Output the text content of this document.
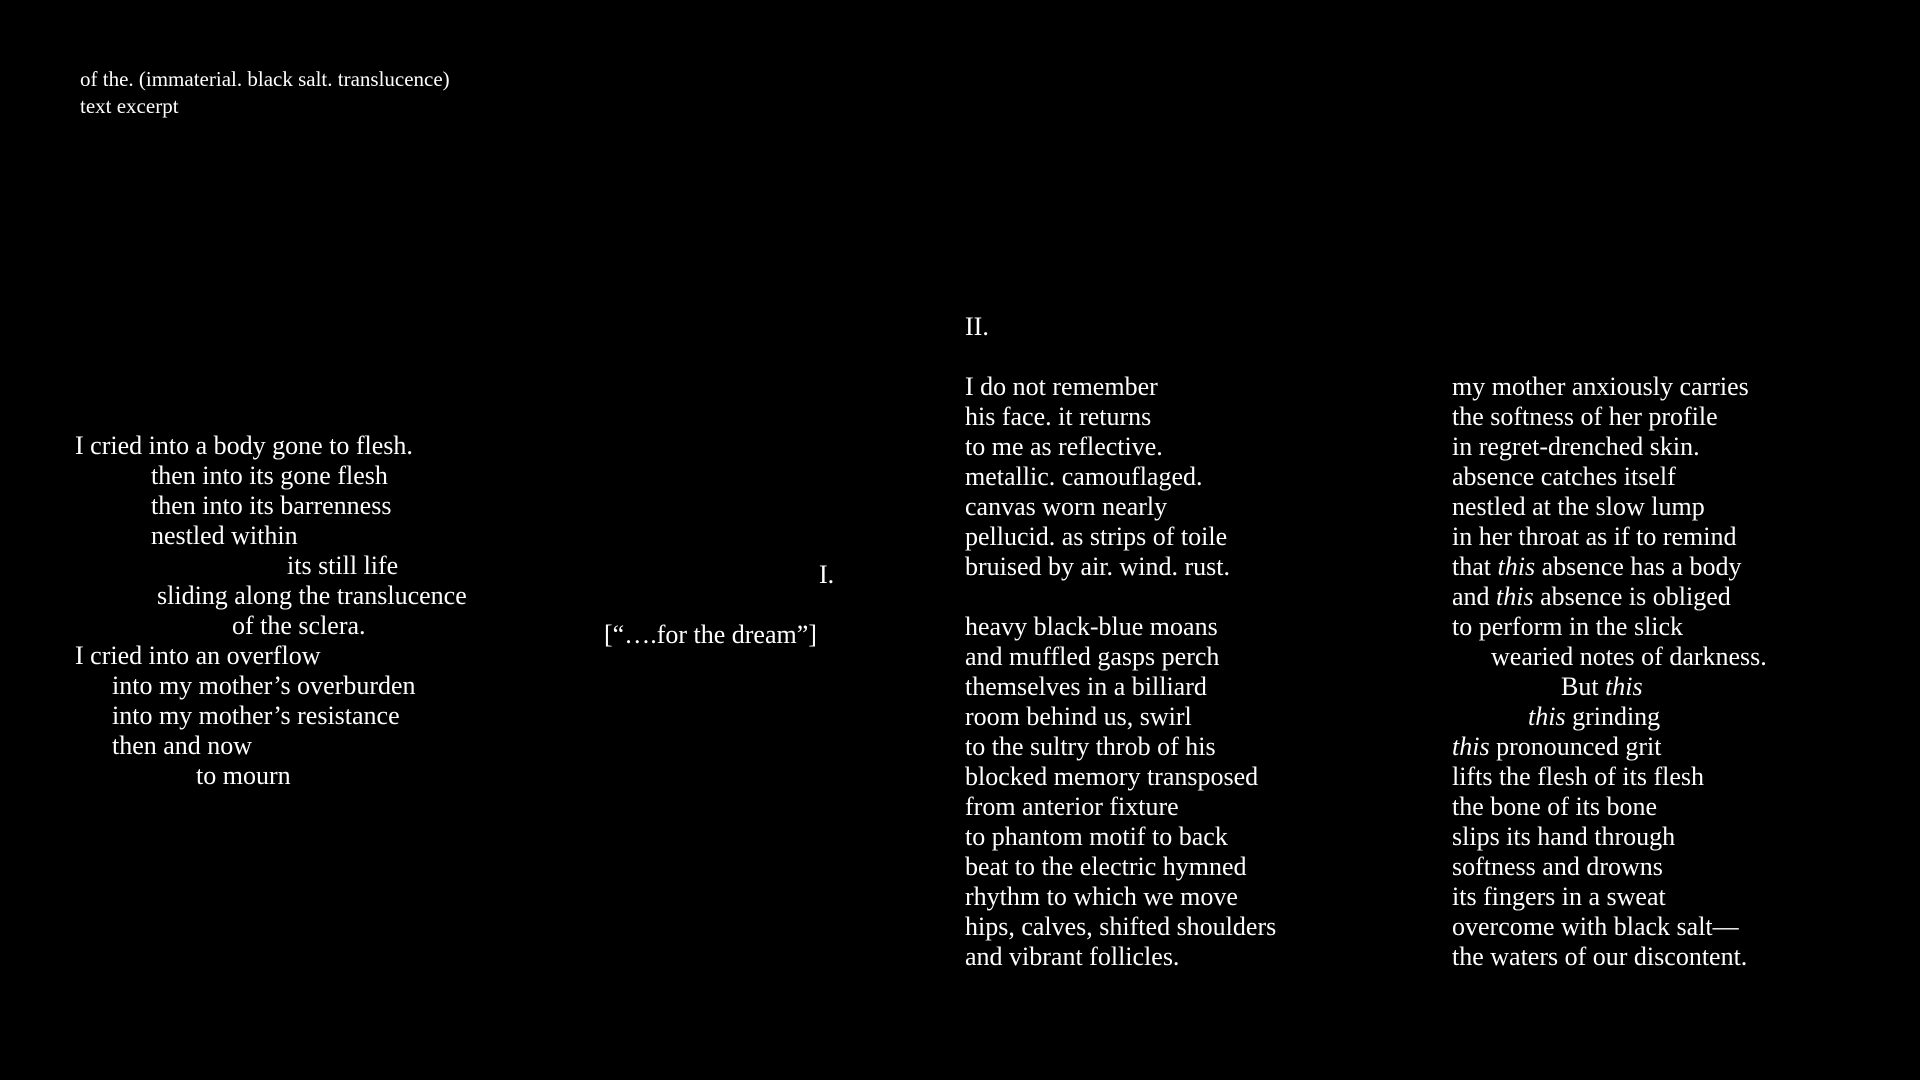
of the. (immaterial. black salt. translucence)
text excerpt
I cried into a body gone to flesh.
then into its gone flesh
then into its barrenness
nestled within
its still life
sliding along the translucence
of the sclera.
I cried into an overflow
into my mother’s overburden
into my mother’s resistance
then and now
to mourn
I.
[“….for the dream”]
II.
I do not remember
his face. it returns
to me as reflective.
metallic. camouflaged.
canvas worn nearly
pellucid. as strips of toile
bruised by air. wind. rust.
heavy black-blue moans
and muffled gasps perch
themselves in a billiard
room behind us, swirl
to the sultry throb of his
blocked memory transposed
from anterior fixture
to phantom motif to back
beat to the electric hymned
rhythm to which we move
hips, calves, shifted shoulders
and vibrant follicles.
my mother anxiously carries
the softness of her profile
in regret-drenched skin.
absence catches itself
nestled at the slow lump
in her throat as if to remind
that this absence has a body
and this absence is obliged
to perform in the slick
wearied notes of darkness.
But this
this grinding
this pronounced grit
lifts the flesh of its flesh
the bone of its bone
slips its hand through
softness and drowns
its fingers in a sweat
overcome with black salt—
the waters of our discontent.
